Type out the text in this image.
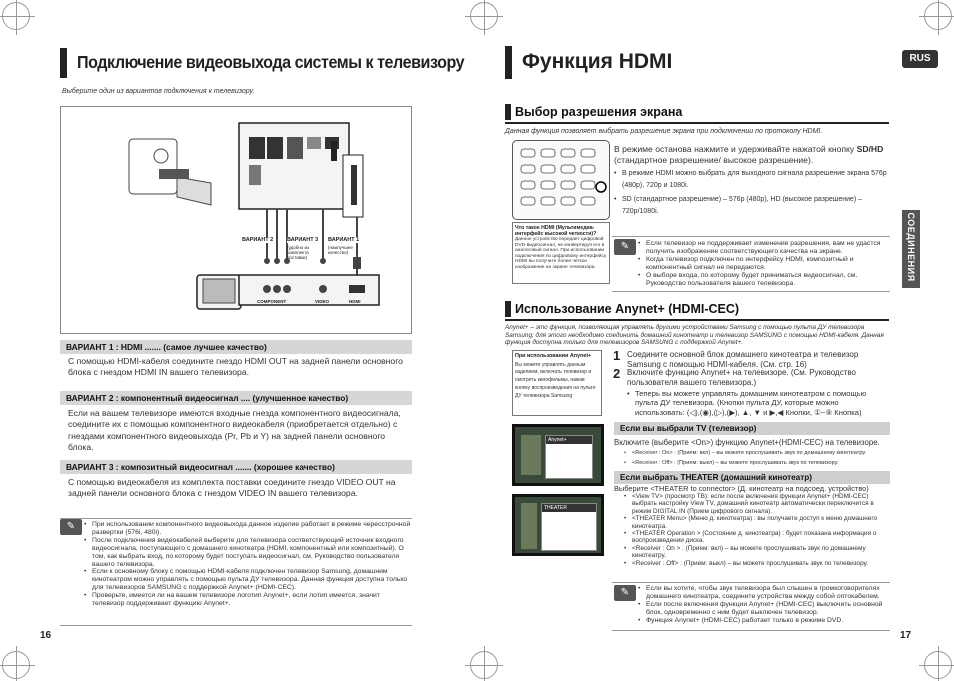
Подключение видеовыхода системы к телевизору
Выберите один из вариантов подключения к телевизору.
ВАРИАНТ 2	ВАРИАНТ 3 ВАРИАНТ 1
(удобно из комплекта поставки)
(наилучшее качество)
COMPONENT	VIDEO	HDMI
ВАРИАНТ 1 : HDMI ....... (самое лучшее качество)
С помощью HDMI-кабеля соедините гнездо HDMI OUT на задней панели основного блока с гнездом HDMI IN вашего телевизора.
ВАРИАНТ 2 : компонентный видеосигнал .... (улучшенное качество)
Если на вашем телевизоре имеются входные гнезда компонентного видеосигнала, соедините их с помощью компонентного видеокабеля (приобретается отдельно) с гнездами компонентного видеовыхода (Pr, Pb и Y) на задней панели основного блока.
ВАРИАНТ 3 : композитный видеосигнал ....... (хорошее качество)
С помощью видеокабеля из комплекта поставки соедините гнездо VIDEO OUT на задней панели основного блока с гнездом VIDEO IN вашего телевизора.
✎	• При использовании компонентного видеовыхода данное изделие работает в режиме чересстрочной развертки (576i, 480i).
• После подключения видеокабелей выберите для телевизора соответствующий источник входного видеосигнала, поступающего с домашнего кинотеатра (HDMI, компонентный или композитный). О том, как выбрать вход, по которому будет поступать видеосигнал, см. Руководство пользователя вашего телевизора.
• Если к основному блоку с помощью HDMI-кабеля подключен телевизор Samsung, домашним кинотеатром можно управлять с помощью пульта ДУ телевизора. Данная функция доступна только для телевизоров SAMSUNG с поддержкой Anynet+ (HDMI-CEC).
• Проверьте, имеется ли на вашем телевизоре логотип Anynet+, если лотип имеется, значит телевизор поддерживает функцию Anynet+.
16
Функция HDMI	RUS
СОЕДИНЕНИЯ
Выбор разрешения экрана
Данная функция позволяет выбрать разрешение экрана при подключении по протоколу HDMI.
Что такое HDMI (Мультимедиа-интерфейс высокой четкости)?
Данное устройство передает цифровой DVD-видеосигнал, не конвертируя его в аналоговый сигнал. При использовании подключения по цифровому интерфейсу HDMI вы получите более четкое изображение на экране телевизора.
В режиме останова нажмите и удерживайте нажатой кнопку SD/HD (стандартное разрешение/ высокое разрешение).
• В режиме HDMI можно выбрать для выходного сигнала разрешение экрана 576p (480p), 720p и 1080i.
• SD (стандартное разрешение) – 576p (480p), HD (высокое разрешение) – 720p/1080i.
✎	• Если телевизор не поддерживает изменение разрешения, вам не удастся получить изображение соответствующего качества на экране.
• Когда телевизор подключен по интерфейсу HDMI, композитный и компонентный сигнал не передаются.
• О выборе входа, по которому будет приниматься видеосигнал, см. Руководство пользователя вашего телевизора.
Использование Anynet+ (HDMI-CEC)
Anynet+ – это функция, позволяющая управлять другими устройствами Samsung с помощью пульта ДУ телевизора Samsung; для этого необходимо соединить домашний кинотеатр и телевизор SAMSUNG с помощью HDMI-кабеля. Данная функция доступна только для телевизоров SAMSUNG с поддержкой Anynet+.
При использовании Anynet+
Вы можете управлять данным изделием, включать телевизор и смотреть кинофильмы, нажав кнопку воспроизведения на пульте ДУ телевизора Samsung
1 Соедините основной блок домашнего кинотеатра и телевизор Samsung с помощью HDMI-кабеля. (См. стр. 16)
2 Включите функцию Anynet+ на телевизоре. (См. Руководство пользователя вашего телевизора.)
• Теперь вы можете управлять домашним кинотеатром с помощью пульта ДУ телевизора. (Кнопки пульта ДУ, которые можно использовать: (◁),(◉),(▷),(▶), ▲, ▼ и ▶,◀ Кнопки, ①~⑨ Кнопка)
Anynet+
Если вы выбрали TV (телевизор)
Включите (выберите <On>) функцию Anynet+(HDMI-CEC) на телевизоре.
• <Receiver : On> : (Прием: вкл) – вы можете прослушивать звук по домашнему кинотеатру.
• <Receiver : Off> : (Прием: выкл) – вы можете прослушивать звук по телевизору.
THEATER
Если выбрать THEATER (домашний кинотеатр)
Выберите <THEATER to connector> (Д. кинотеатр на подсоед. устройство)
• <View TV> (просмотр ТВ): если после включения функции Anynet+ (HDMI-CEC) выбрать настройку View TV, домашний кинотеатр автоматически переключится в режим DIGITAL IN (Прием цифрового сигнала).
• <THEATER Menu> (Меню д. кинотеатра) : вы получаете доступ к меню домашнего кинотеатра.
• <THEATER Operation > (Состояние д. кинотеатра) : будет показана информация о воспроизведении диска.
• <Receiver : On > : (Прием: вкл) – вы можете прослушивать звук по домашнему кинотеатру.
• <Receiver : Off> : (Прием: выкл) – вы можете прослушивать звук по телевизору.
✎	• Если вы хотите, чтобы звук телевизора был слышен в громкоговорителях домашнего кинотеатра, соедините устройства между собой оптокабелем.
• Если после включения функции Anynet+ (HDMI-CEC) выключить основной блок, одновременно с ним будет выключен телевизор.
• Функция Anynet+ (HDMI-CEC) работает только в режиме DVD.
17
